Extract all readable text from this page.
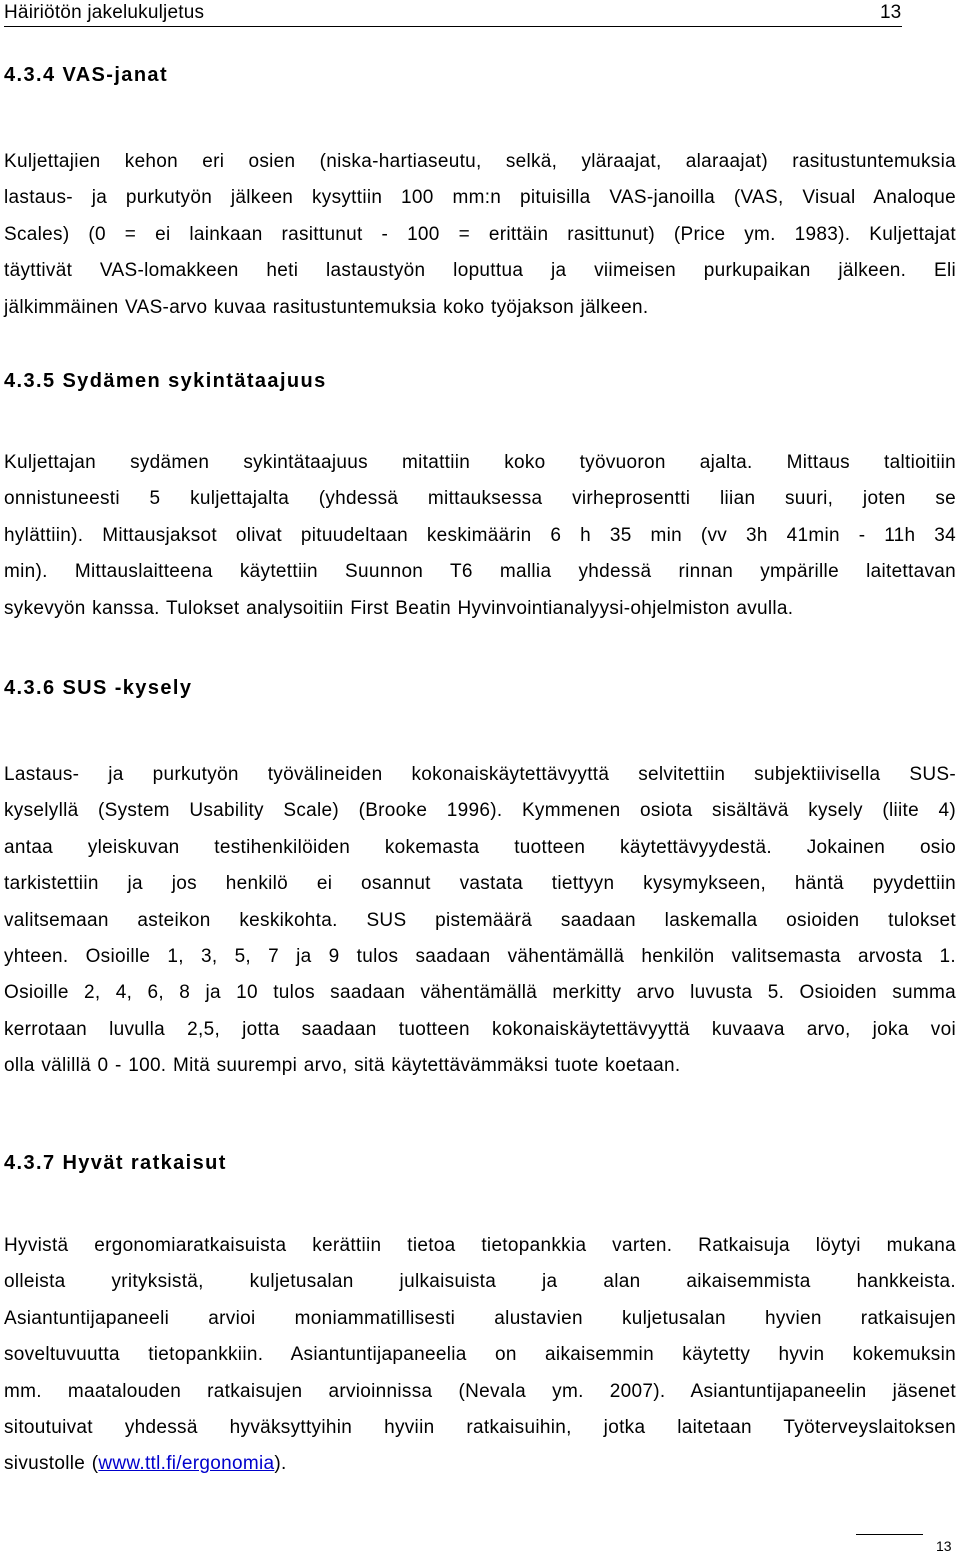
Häiriötön jakelukuljetus	13
4.3.4 VAS-janat
Kuljettajien kehon eri osien (niska-hartiaseutu, selkä, yläraajat, alaraajat) rasitustuntemuksia
lastaus- ja purkutyön jälkeen kysyttiin 100 mm:n pituisilla VAS-janoilla (VAS, Visual Analoque
Scales) (0 = ei lainkaan rasittunut - 100 = erittäin rasittunut) (Price ym. 1983). Kuljettajat
täyttivät VAS-lomakkeen heti lastaustyön loputtua ja viimeisen purkupaikan jälkeen. Eli
jälkimmäinen VAS-arvo kuvaa rasitustuntemuksia koko työjakson jälkeen.
4.3.5 Sydämen sykintätaajuus
Kuljettajan sydämen sykintätaajuus mitattiin koko työvuoron ajalta. Mittaus taltioitiin
onnistuneesti 5 kuljettajalta (yhdessä mittauksessa virheprosentti liian suuri, joten se
hylättiin). Mittausjaksot olivat pituudeltaan keskimäärin 6 h 35 min (vv 3h 41min - 11h 34
min). Mittauslaitteena käytettiin Suunnon T6 mallia yhdessä rinnan ympärille laitettavan
sykevyön kanssa. Tulokset analysoitiin First Beatin Hyvinvointianalyysi-ohjelmiston avulla.
4.3.6 SUS -kysely
Lastaus- ja purkutyön työvälineiden kokonaiskäytettävyyttä selvitettiin subjektiivisella SUS-
kyselyllä (System Usability Scale) (Brooke 1996). Kymmenen osiota sisältävä kysely (liite 4)
antaa yleiskuvan testihenkilöiden kokemasta tuotteen käytettävyydestä. Jokainen osio
tarkistettiin ja jos henkilö ei osannut vastata tiettyyn kysymykseen, häntä pyydettiin
valitsemaan asteikon keskikohta. SUS pistemäärä saadaan laskemalla osioiden tulokset
yhteen. Osioille 1, 3, 5, 7 ja 9 tulos saadaan vähentämällä henkilön valitsemasta arvosta 1.
Osioille 2, 4, 6, 8 ja 10 tulos saadaan vähentämällä merkitty arvo luvusta 5. Osioiden summa
kerrotaan luvulla 2,5, jotta saadaan tuotteen kokonaiskäytettävyyttä kuvaava arvo, joka voi
olla välillä 0 - 100. Mitä suurempi arvo, sitä käytettävämmäksi tuote koetaan.
4.3.7 Hyvät ratkaisut
Hyvistä ergonomiaratkaisuista kerättiin tietoa tietopankkia varten. Ratkaisuja löytyi mukana
olleista yrityksistä, kuljetusalan julkaisuista ja alan aikaisemmista hankkeista.
Asiantuntijapaneeli arvioi moniammatillisesti alustavien kuljetusalan hyvien ratkaisujen
soveltuvuutta tietopankkiin. Asiantuntijapaneelia on aikaisemmin käytetty hyvin kokemuksin
mm. maatalouden ratkaisujen arvioinnissa (Nevala ym. 2007). Asiantuntijapaneelin jäsenet
sitoutuivat yhdessä hyväksyttyihin hyviin ratkaisuihin, jotka laitetaan Työterveyslaitoksen
sivustolle (www.ttl.fi/ergonomia).
13
